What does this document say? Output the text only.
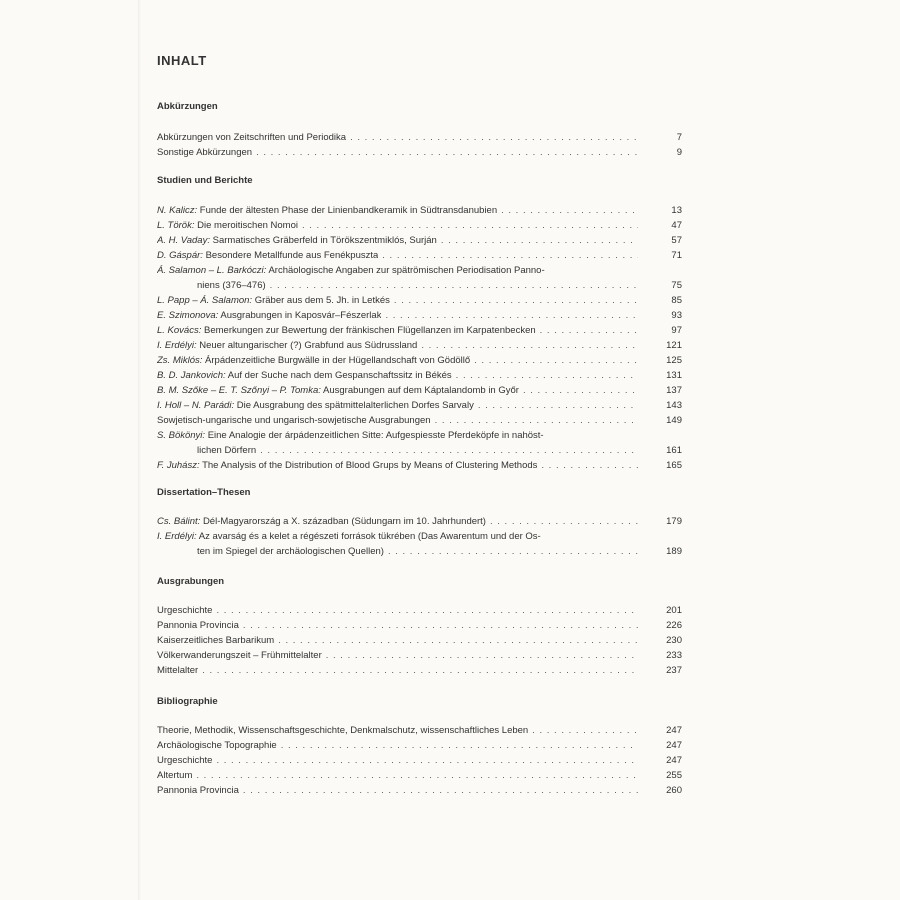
INHALT
Abkürzungen
Abkürzungen von Zeitschriften und Periodika . . .	7
Sonstige Abkürzungen . . .	9
Studien und Berichte
N. Kalicz: Funde der ältesten Phase der Linienbandkeramik in Südtransdanubien . . .	13
L. Török: Die meroitischen Nomoi . . .	47
A. H. Vaday: Sarmatisches Gräberfeld in Törökszentmiklós, Surján . . .	57
D. Gáspár: Besondere Metallfunde aus Fenékpuszta . . .	71
Á. Salamon – L. Barkóczi: Archäologische Angaben zur spätrömischen Periodisation Panno-
niens (376–476) . . .	75
L. Papp – Á. Salamon: Gräber aus dem 5. Jh. in Letkés . . .	85
E. Szimonova: Ausgrabungen in Kaposvár–Fészerlak . . .	93
L. Kovács: Bemerkungen zur Bewertung der fränkischen Flügellanzen im Karpatenbecken . . .	97
I. Erdélyi: Neuer altungarischer (?) Grabfund aus Südrussland . . .	121
Zs. Miklós: Árpádenzeitliche Burgwälle in der Hügellandschaft von Gödöllő . . .	125
B. D. Jankovich: Auf der Suche nach dem Gespanschaftssitz in Békés . . .	131
B. M. Szőke – E. T. Szőnyi – P. Tomka: Ausgrabungen auf dem Káptalandomb in Győr . . .	137
I. Holl – N. Parádi: Die Ausgrabung des spätmittelalterlichen Dorfes Sarvaly . . .	143
Sowjetisch-ungarische und ungarisch-sowjetische Ausgrabungen . . .	149
S. Bökönyi: Eine Analogie der árpádenzeitlichen Sitte: Aufgespiesste Pferdeköpfe in nahöst-
lichen Dörfern . . .	161
F. Juhász: The Analysis of the Distribution of Blood Grups by Means of Clustering Methods . . .	165
Dissertation–Thesen
Cs. Bálint: Dél-Magyarország a X. században (Südungarn im 10. Jahrhundert) . . .	179
I. Erdélyi: Az avarság és a kelet a régészeti források tükrében (Das Awarentum und der Os-
ten im Spiegel der archäologischen Quellen) . . .	189
Ausgrabungen
Urgeschichte . . .	201
Pannonia Provincia . . .	226
Kaiserzeitliches Barbarikum . . .	230
Völkerwanderungszeit – Frühmittelalter . . .	233
Mittelalter . . .	237
Bibliographie
Theorie, Methodik, Wissenschaftsgeschichte, Denkmalschutz, wissenschaftliches Leben . . .	247
Archäologische Topographie . . .	247
Urgeschichte . . .	247
Altertum . . .	255
Pannonia Provincia . . .	260
